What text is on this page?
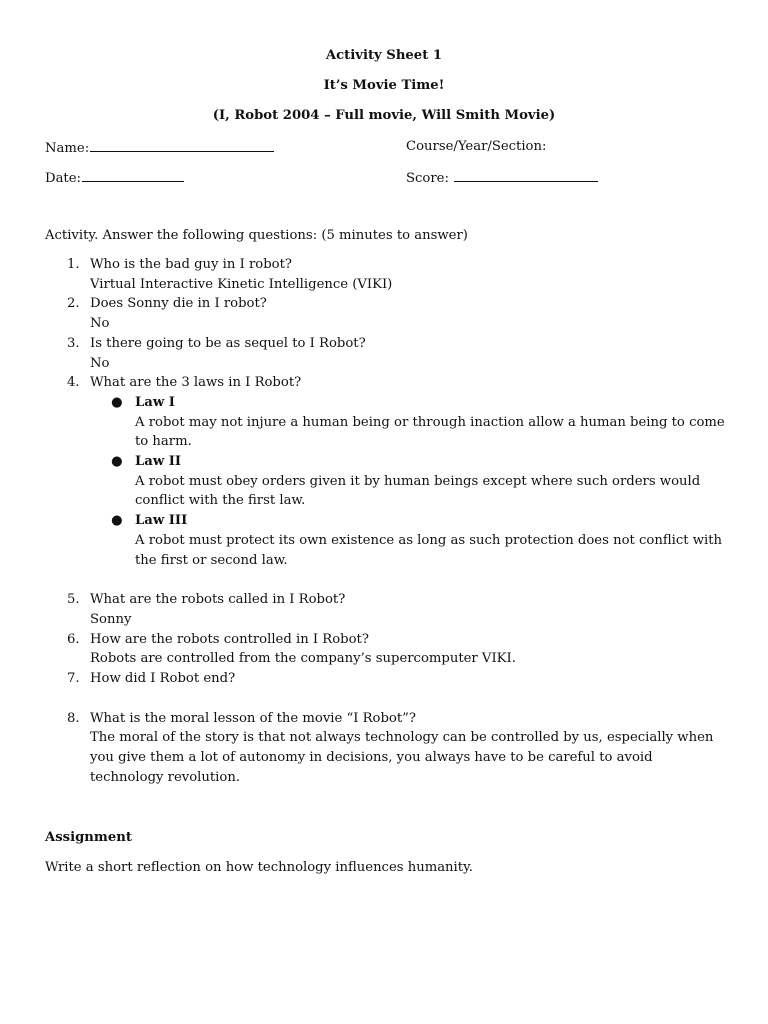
Activity Sheet 1
It’s Movie Time!
(I, Robot 2004 – Full movie, Will Smith Movie)
Name:	Course/Year/Section:
Date:	Score:
Activity. Answer the following questions: (5 minutes to answer)
1. Who is the bad guy in I robot?
Virtual Interactive Kinetic Intelligence (VIKI)
2. Does Sonny die in I robot?
No
3. Is there going to be as sequel to I Robot?
No
4. What are the 3 laws in I Robot?
● Law I
A robot may not injure a human being or through inaction allow a human being to come to harm.
● Law II
A robot must obey orders given it by human beings except where such orders would conflict with the first law.
● Law III
A robot must protect its own existence as long as such protection does not conflict with the first or second law.
5. What are the robots called in I Robot?
Sonny
6. How are the robots controlled in I Robot?
Robots are controlled from the company’s supercomputer VIKI.
7. How did I Robot end?
8. What is the moral lesson of the movie “I Robot”?
The moral of the story is that not always technology can be controlled by us, especially when you give them a lot of autonomy in decisions, you always have to be careful to avoid technology revolution.
Assignment
Write a short reflection on how technology influences humanity.
